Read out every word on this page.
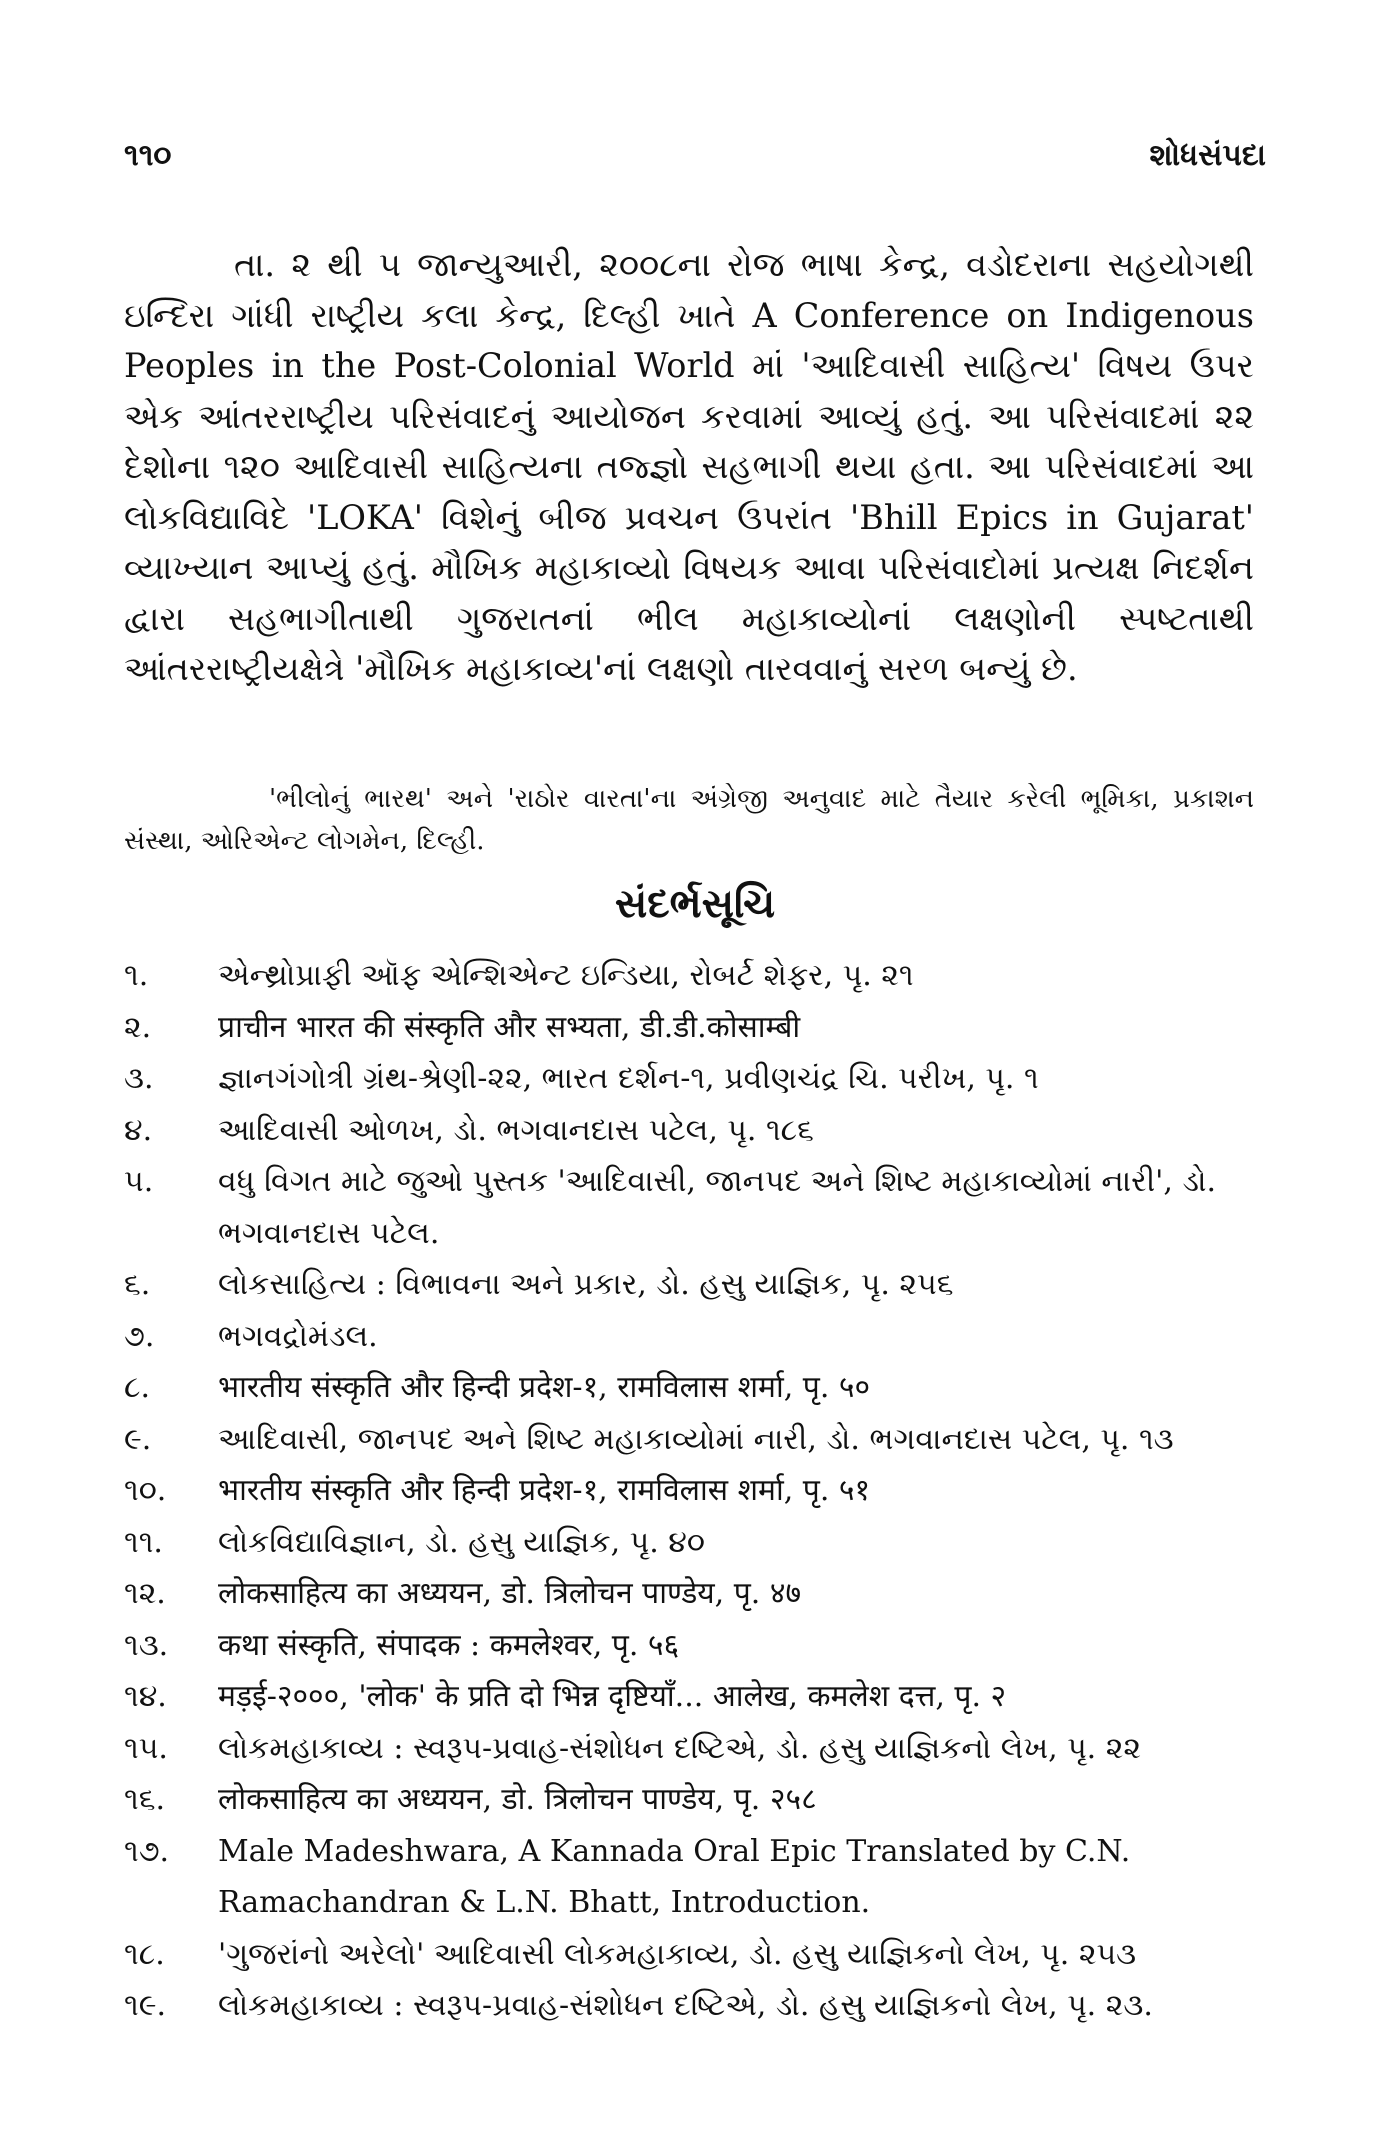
૧૧૦	શોધસંપદા

તા. ૨ થી ૫ જાન્યુઆરી, ૨૦૦૮ના રોજ ભાષા કેન્દ્ર, વડોદરાના સહયોગથી ઇન્દિરા ગાંધી રાષ્ટ્રીય કલા કેન્દ્ર, દિલ્હી ખાતે A Conference on Indigenous Peoples in the Post-Colonial World માં 'આદિવાસી સાહિત્ય' વિષય ઉપર એક આંતરરાષ્ટ્રીય પરિસંવાદનું આયોજન કરવામાં આવ્યું હતું. આ પરિસંવાદમાં ૨૨ દેશોના ૧૨૦ આદિવાસી સાહિત્યના તજ્જ્ઞો સહભાગી થયા હતા. આ પરિસંવાદમાં આ લોકવિદ્યાવિદે 'LOKA' વિશેનું બીજ પ્રવચન ઉપરાંત 'Bhill Epics in Gujarat' વ્યાખ્યાન આપ્યું હતું. મૌખિક મહાકાવ્યો વિષયક આવા પરિસંવાદોમાં પ્રત્યક્ષ નિદર્શન દ્વારા સહભાગીતાથી ગુજરાતનાં ભીલ મહાકાવ્યોનાં લક્ષણોની સ્પષ્ટતાથી આંતરરાષ્ટ્રીયક્ષેત્રે 'મૌખિક મહાકાવ્ય'નાં લક્ષણો તારવવાનું સરળ બન્યું છે.

'ભીલોનું ભારથ' અને 'રાઠોર વારતા'ના અંગ્રેજી અનુવાદ માટે તૈયાર કરેલી ભૂમિકા, પ્રકાશન સંસ્થા, ઓરિએન્ટ લોગમેન, દિલ્હી.

સંદર્ભસૂચિ
૧.	એન્થ્રોપ્રાફી ઑફ એન્શિએન્ટ ઇન્ડિયા, રોબર્ટ શેફર, પૃ. ૨૧
૨.	प्राचीन भारत की संस्कृति और सभ्यता, डी.डी.कोसाम्बी
૩.	જ્ઞાનગંગોત્રી ગ્રંથ-શ્રેણી-૨૨, ભારત દર્શન-૧, પ્રવીણચંદ્ર ચિ. પરીખ, પૃ. ૧
૪.	આદિવાસી ઓળખ, ડો. ભગવાનદાસ પટેલ, પૃ. ૧૮૬
૫.	વધુ વિગત માટે જુઓ પુસ્તક 'આદિવાસી, જાનપદ અને શિષ્ટ મહાકાવ્યોમાં નારી', ડો. ભગવાનદાસ પટેલ.
૬.	લોકસાહિત્ય : વિભાવના અને પ્રકાર, ડો. હસુ યાજ્ઞિક, પૃ. ૨૫૬
૭.	ભગવદ્રોમંડલ.
૮.	भारतीय संस्कृति और हिन्दी प्रदेश-१, रामविलास शर्मा, पृ. ५०
૯.	આદિવાસી, જાનપદ અને શિષ્ટ મહાકાવ્યોમાં નારી, ડો. ભગવાનદાસ પટેલ, પૃ. ૧૩
૧૦.	भारतीय संस्कृति और हिन्दी प्रदेश-१, रामविलास शर्मा, पृ. ५१
૧૧.	લોકવિદ્યાવિજ્ઞાન, ડો. હસુ યાજ્ઞિક, પૃ. ૪૦
૧૨.	लोकसाहित्य का अध्ययन, डो. त्रिलोचन पाण्डेय, पृ. ४७
૧૩.	कथा संस्कृति, संपादक : कमलेश्वर, पृ. ५६
૧૪.	मड़ई-२०००, 'लोक' के प्रति दो भिन्न दृष्टियाँ... आलेख, कमलेश दत्त, पृ. २
૧૫.	લોકમહાકાવ્ય : સ્વરૂપ-પ્રવાહ-સંશોધન દષ્ટિએ, ડો. હસુ યાજ્ઞિકનો લેખ, પૃ. ૨૨
૧૬.	लोकसाहित्य का अध्ययन, डो. त्रिलोचन पाण्डेय, पृ. २५८
૧૭.	Male Madeshwara, A Kannada Oral Epic Translated by C.N. Ramachandran & L.N. Bhatt, Introduction.
૧૮.	'ગુજરાંનો અરેલો' આદિવાસી લોકમહાકાવ્ય, ડો. હસુ યાજ્ઞિકનો લેખ, પૃ. ૨૫૩
૧૯.	લોકમહાકાવ્ય : સ્વરૂપ-પ્રવાહ-સંશોધન દષ્ટિએ, ડો. હસુ યાજ્ઞિકનો લેખ, પૃ. ૨૩.
